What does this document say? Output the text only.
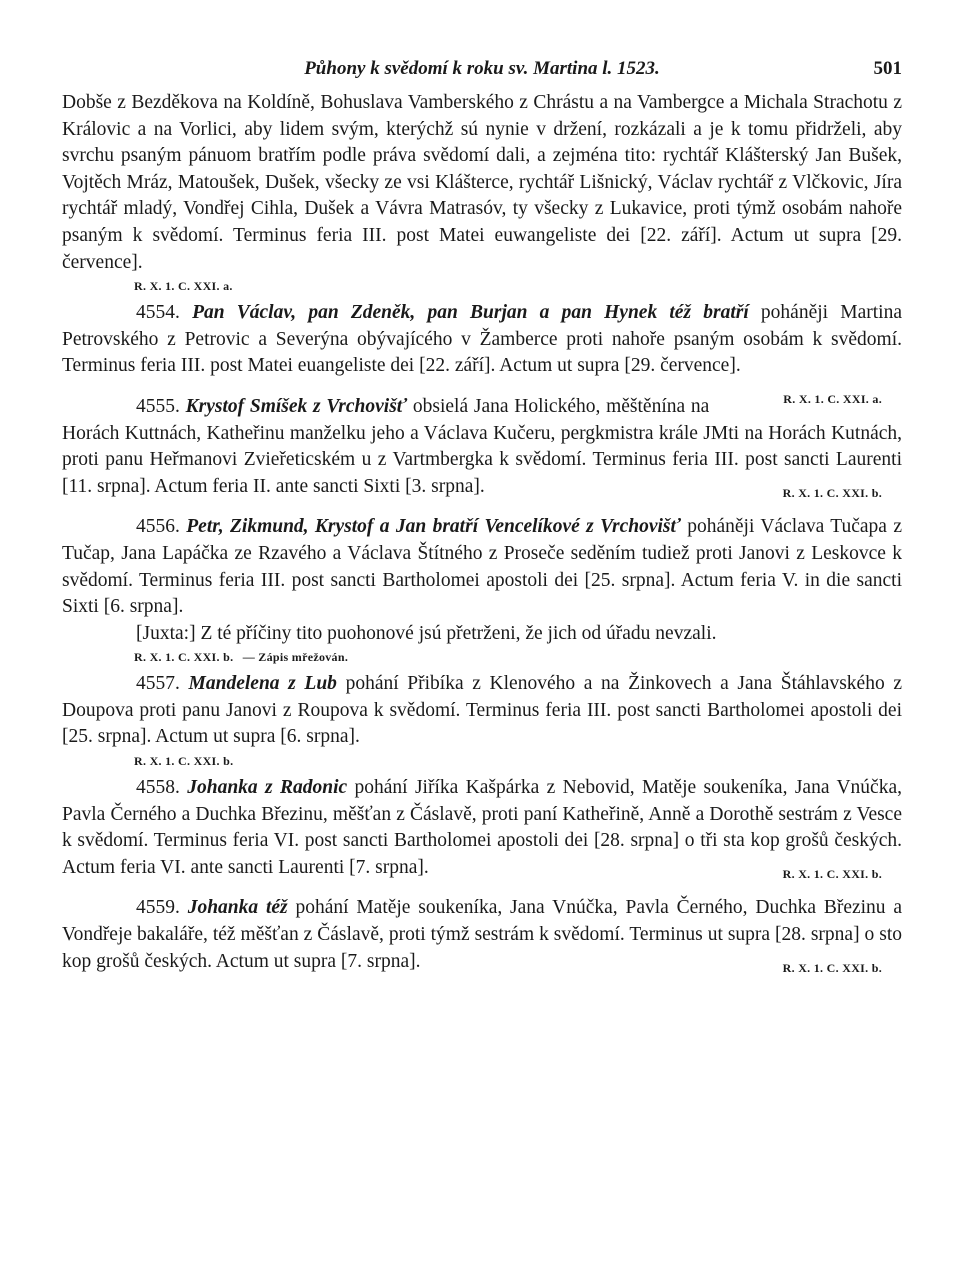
Půhony k svědomí k roku sv. Martina l. 1523.	501

Dobše z Bezděkova na Koldíně, Bohuslava Vamberského z Chrástu a na Vambergce a Michala Strachotu z Královic a na Vorlici, aby lidem svým, kterýchž sú nynie v držení, rozkázali a je k tomu přidrželi, aby svrchu psaným pánuom bratřím podle práva svědomí dali, a zejména tito: rychtář Klášterský Jan Bušek, Vojtěch Mráz, Matoušek, Dušek, všecky ze vsi Klášterce, rychtář Lišnický, Václav rychtář z Vlčkovic, Jíra rychtář mladý, Vondřej Cihla, Dušek a Vávra Matrasóv, ty všecky z Lukavice, proti týmž osobám nahoře psaným k svědomí. Terminus feria III. post Matei euwangeliste dei [22. září]. Actum ut supra [29. července].

R. X. 1. C. XXI. a.

4554. Pan Václav, pan Zdeněk, pan Burjan a pan Hynek též bratří poháněji Martina Petrovského z Petrovic a Severýna obývajícého v Žamberce proti nahoře psaným osobám k svědomí. Terminus feria III. post Matei euangeliste dei [22. září]. Actum ut supra [29. července].
R. X. 1. C. XXI. a.

4555. Krystof Smíšek z Vrchovišť obsielá Jana Holického, měštěnína na Horách Kuttnách, Katheřinu manželku jeho a Václava Kučeru, pergkmistra krále JMti na Horách Kutnách, proti panu Heřmanovi Zvieřeticském u z Vartmbergka k svědomí. Terminus feria III. post sancti Laurenti [11. srpna]. Actum feria II. ante sancti Sixti [3. srpna].	R. X. 1. C. XXI. b.

4556. Petr, Zikmund, Krystof a Jan bratří Vencelíkové z Vrchovišť poháněji Václava Tučapa z Tučap, Jana Lapáčka ze Rzavého a Václava Štítného z Proseče seděním tudiež proti Janovi z Leskovce k svědomí. Terminus feria III. post sancti Bartholomei apostoli dei [25. srpna]. Actum feria V. in die sancti Sixti [6. srpna].

[Juxta:] Z té příčiny tito puohonové jsú přetrženi, že jich od úřadu nevzali.

R. X. 1. C. XXI. b. — Zápis mřežován.

4557. Mandelena z Lub pohání Přibíka z Klenového a na Žinkovech a Jana Štáhlavského z Doupova proti panu Janovi z Roupova k svědomí. Terminus feria III. post sancti Bartholomei apostoli dei [25. srpna]. Actum ut supra [6. srpna].

R. X. 1. C. XXI. b.

4558. Johanka z Radonic pohání Jiříka Kašpárka z Nebovid, Matěje soukeníka, Jana Vnúčka, Pavla Černého a Duchka Březinu, měšťan z Čáslavě, proti paní Katheřině, Anně a Dorothě sestrám z Vesce k svědomí. Terminus feria VI. post sancti Bartholomei apostoli dei [28. srpna] o tři sta kop grošů českých. Actum feria VI. ante sancti Laurenti [7. srpna].	R. X. 1. C. XXI. b.

4559. Johanka též pohání Matěje soukeníka, Jana Vnúčka, Pavla Černého, Duchka Březinu a Vondřeje bakaláře, též měšťan z Čáslavě, proti týmž sestrám k svědomí. Terminus ut supra [28. srpna] o sto kop grošů českých. Actum ut supra [7. srpna].	R. X. 1. C. XXI. b.
